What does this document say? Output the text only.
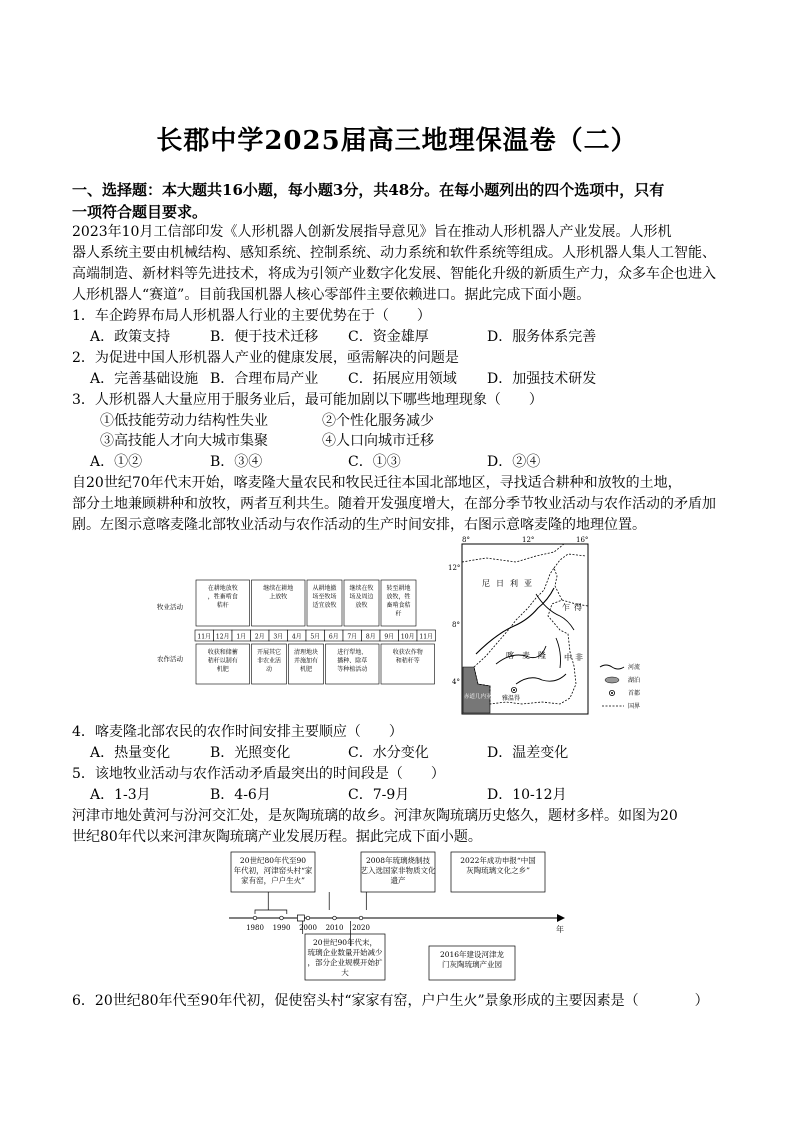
长郡中学2025届高三地理保温卷（二）
一、选择题：本大题共16小题，每小题3分，共48分。在每小题列出的四个选项中，只有
一项符合题目要求。
2023年10月工信部印发《人形机器人创新发展指导意见》旨在推动人形机器人产业发展。人形机
器人系统主要由机械结构、感知系统、控制系统、动力系统和软件系统等组成。人形机器人集人工智能、
高端制造、新材料等先进技术，将成为引领产业数字化发展、智能化升级的新质生产力，众多车企也进入
人形机器人“赛道”。目前我国机器人核心零部件主要依赖进口。据此完成下面小题。
1．车企跨界布局人形机器人行业的主要优势在于（　　）
A．政策支持	B．便于技术迁移 C．资金雄厚	D．服务体系完善
2．为促进中国人形机器人产业的健康发展，亟需解决的问题是
A．完善基础设施 B．合理布局产业 C．拓展应用领域 D．加强技术研发
3．人形机器人大量应用于服务业后，最可能加剧以下哪些地理现象（　　）
①低技能劳动力结构性失业	②个性化服务减少
③高技能人才向大城市集聚	④人口向城市迁移
A．①②	B．③④	C．①③	D．②④
自20世纪70年代末开始，喀麦隆大量农民和牧民迁往本国北部地区，寻找适合耕种和放牧的土地，
部分土地兼顾耕种和放牧，两者互利共生。随着开发强度增大，在部分季节牧业活动与农作活动的矛盾加
剧。左图示意喀麦隆北部牧业活动与农作活动的生产时间安排，右图示意喀麦隆的地理位置。
牧业活动
农作活动
在耕地放牧，牲畜啃食秸秆
继续在耕地上放牧
从耕地撤场至牧场适宜放牧
继续在牧场及周边放牧
转至耕地放牧，牲畜啃食秸秆
11月 12月 1月 2月 3月 4月 5月 6月 7月 8月 9月 10月 11月
收获和储蓄秸秆以制有机肥
开展其它非农业活动
清理地块并施加有机肥
进行犁地、播种、除草等种植活动
收获农作物和秸秆等
8°	12°	16°
12°
8°
4°
雅温得
尼日利亚
乍得
喀麦隆 中非
赤道几内亚
河流
湖泊
首都
国界
4．喀麦隆北部农民的农作时间安排主要顺应（　　）
A．热量变化	B．光照变化	C．水分变化	D．温差变化
5．该地牧业活动与农作活动矛盾最突出的时间段是（　　）
A．1-3月	B．4-6月	C．7-9月	D．10-12月
河津市地处黄河与汾河交汇处，是灰陶琉璃的故乡。河津灰陶琉璃历史悠久，题材多样。如图为20
世纪80年代以来河津灰陶琉璃产业发展历程。据此完成下面小题。
年
1980 1990 2000 2010 2020
20世纪80年代至90 年代初，河津窑头村“家家有窑，户户生火”
2008年琉璃烧制技艺入选国家非物质文化遗产
2022年成功申报“中国灰陶琉璃文化之乡”
20世纪90年代末，琉璃企业数量开始减少，部分企业规模开始扩大
2016年建设河津龙门灰陶琉璃产业园
6．20世纪80年代至90年代初，促使窑头村“家家有窑，户户生火”景象形成的主要因素是（　　　　）
